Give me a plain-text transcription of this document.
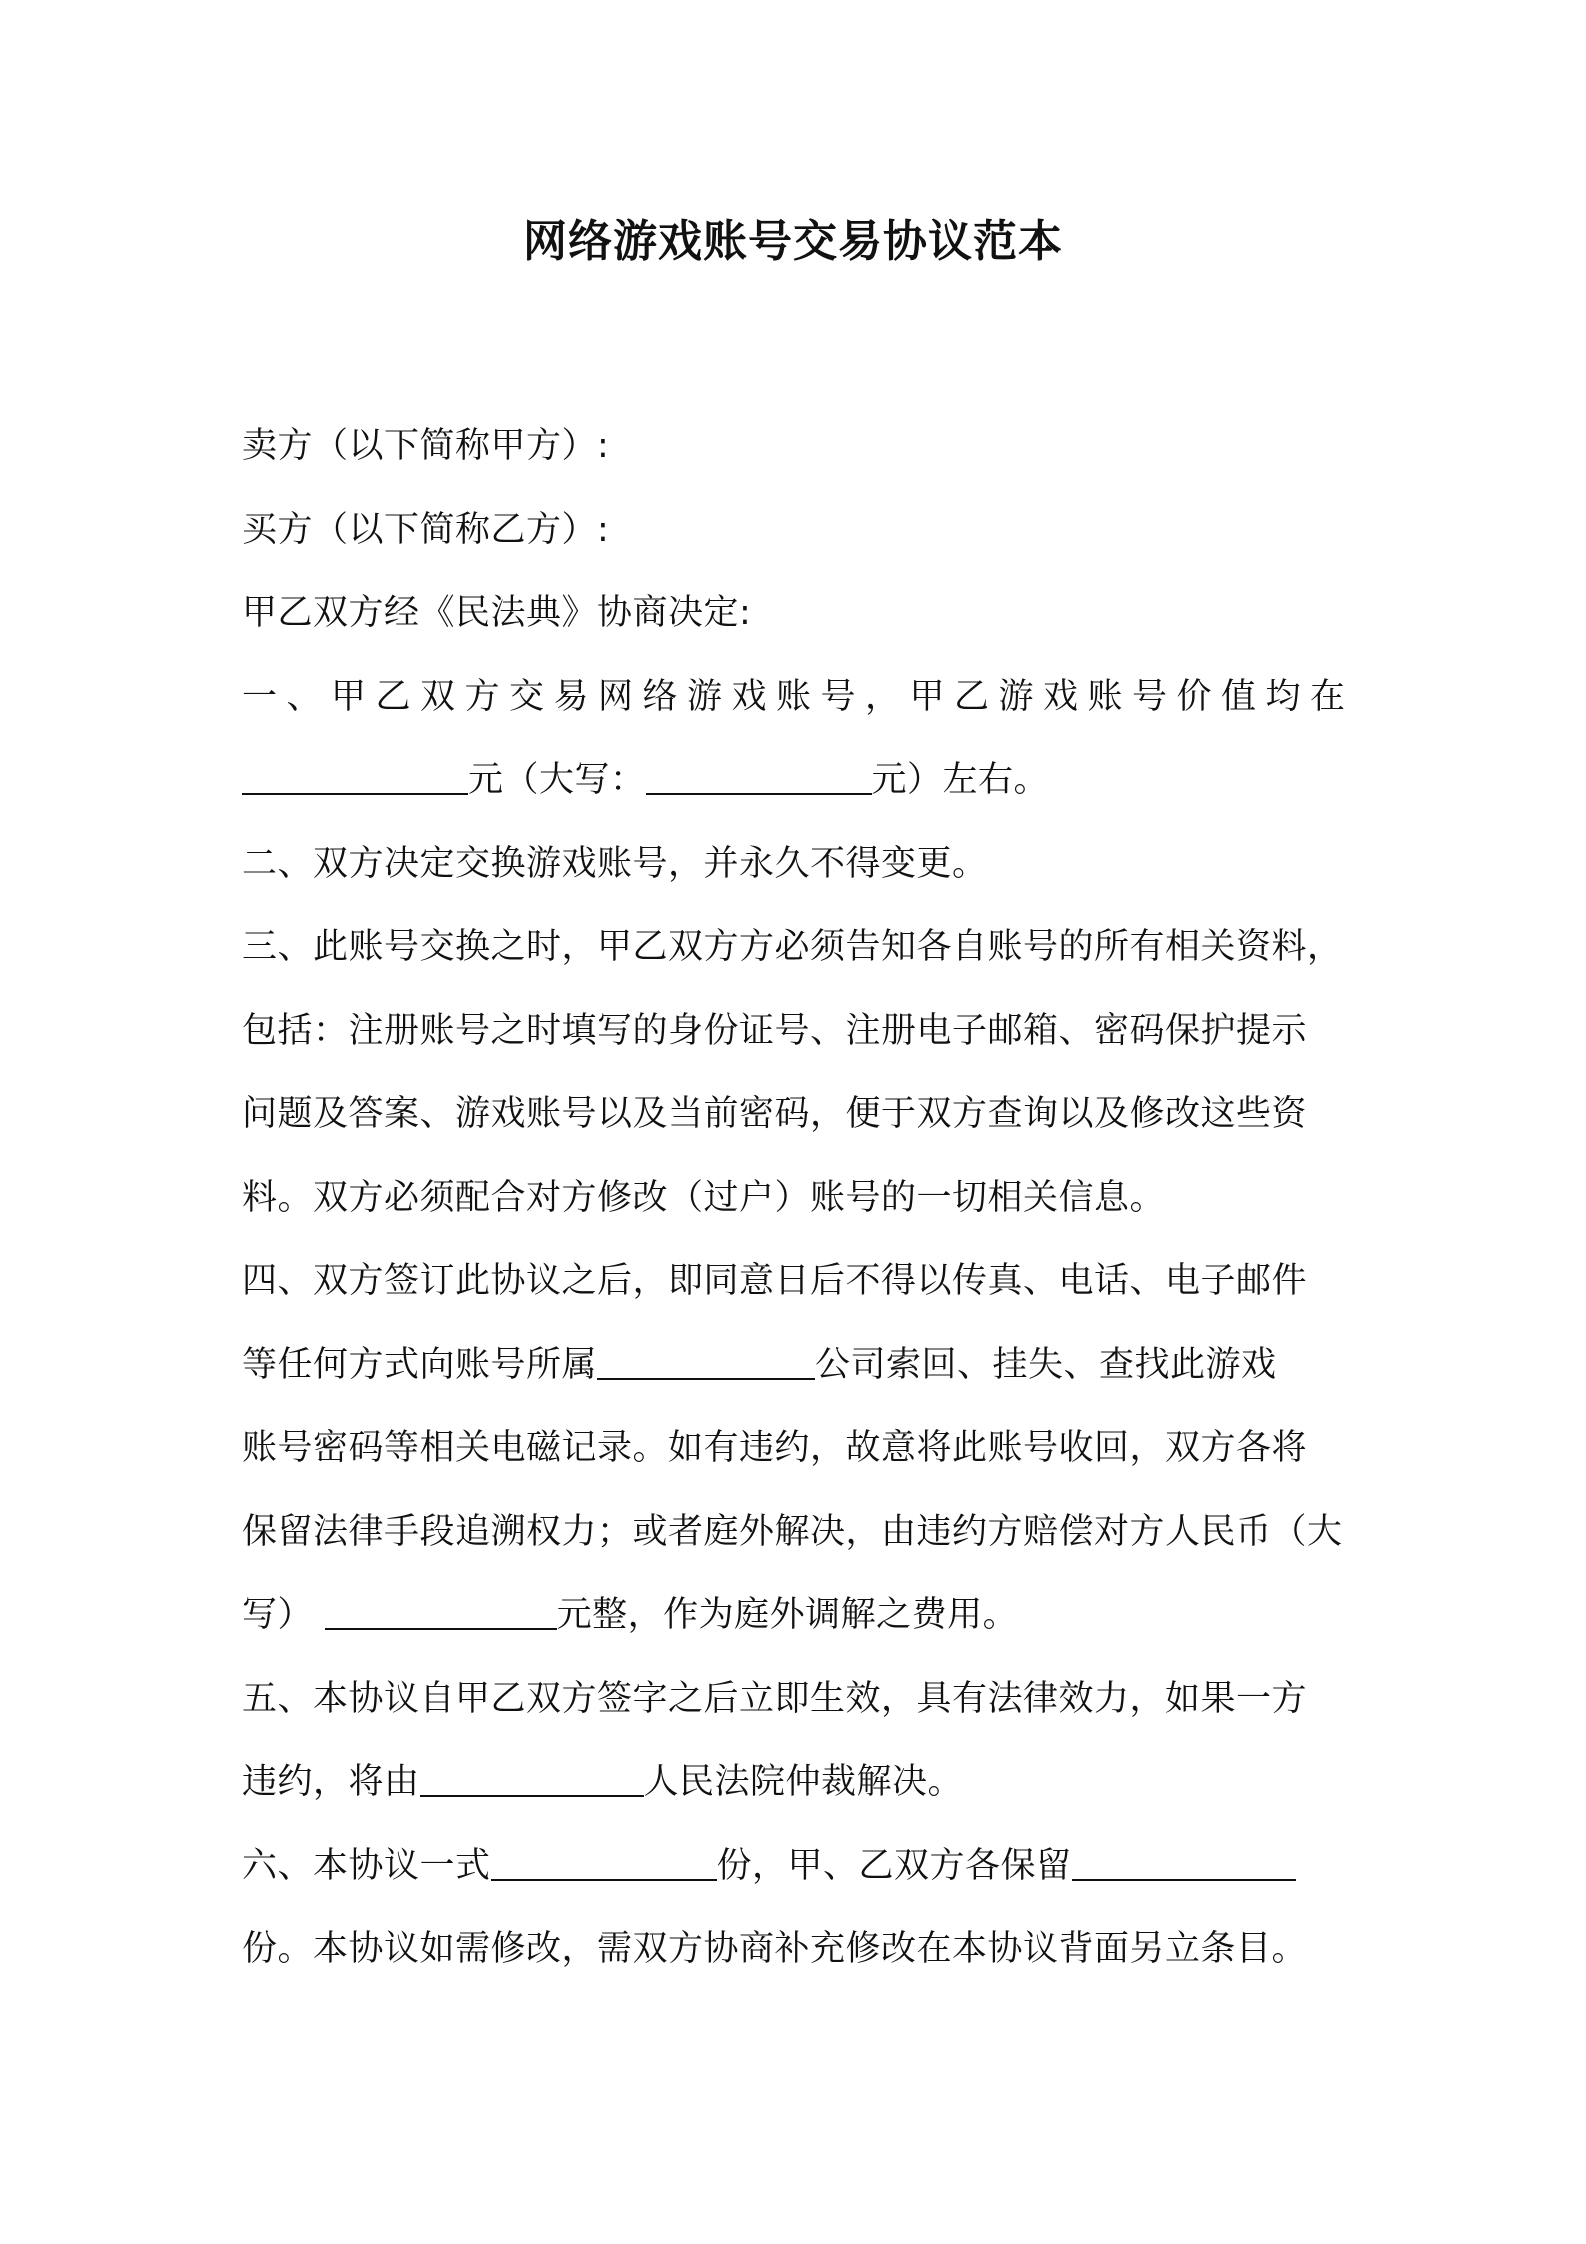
网络游戏账号交易协议范本
卖方（以下简称甲方）:
买方（以下简称乙方）:
甲乙双方经《民法典》协商决定:
一、甲乙双方交易网络游戏账号，甲乙游戏账号价值均在
元（大写：	元）左右。
二、双方决定交换游戏账号，并永久不得变更。
三、此账号交换之时，甲乙双方方必须告知各自账号的所有相关资料，
包括：注册账号之时填写的身份证号、注册电子邮箱、密码保护提示
问题及答案、游戏账号以及当前密码，便于双方查询以及修改这些资
料。双方必须配合对方修改（过户）账号的一切相关信息。
四、双方签订此协议之后，即同意日后不得以传真、电话、电子邮件
等任何方式向账号所属	公司索回、挂失、查找此游戏
账号密码等相关电磁记录。如有违约，故意将此账号收回，双方各将
保留法律手段追溯权力；或者庭外解决，由违约方赔偿对方人民币（大
写）	元整，作为庭外调解之费用。
五、本协议自甲乙双方签字之后立即生效，具有法律效力，如果一方
违约，将由	人民法院仲裁解决。
六、本协议一式	份，甲、乙双方各保留
份。本协议如需修改，需双方协商补充修改在本协议背面另立条目。
